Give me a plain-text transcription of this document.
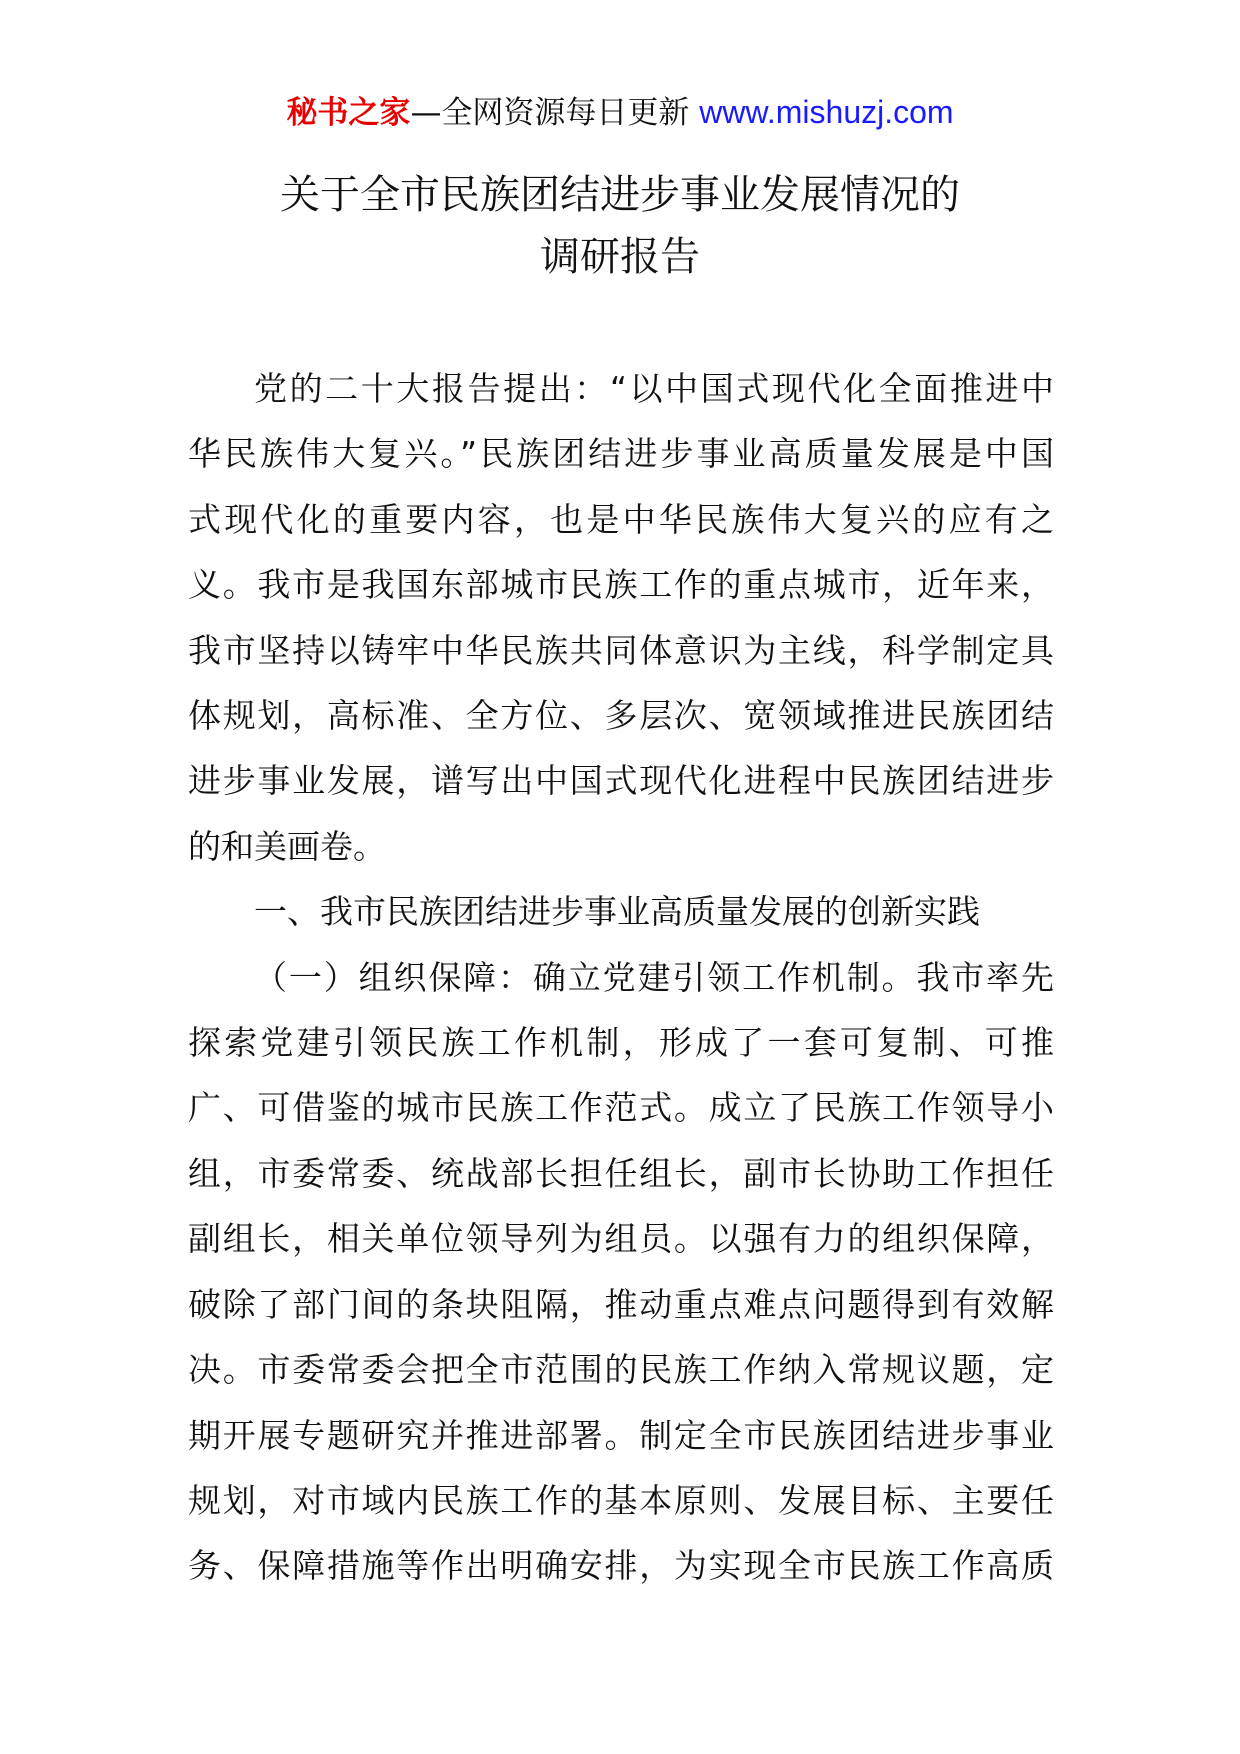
秘书之家—全网资源每日更新 www.mishuzj.com
关于全市民族团结进步事业发展情况的
调研报告
党的二十大报告提出：“以中国式现代化全面推进中
华民族伟大复兴。”民族团结进步事业高质量发展是中国
式现代化的重要内容，也是中华民族伟大复兴的应有之
义。我市是我国东部城市民族工作的重点城市，近年来，
我市坚持以铸牢中华民族共同体意识为主线，科学制定具
体规划，高标准、全方位、多层次、宽领域推进民族团结
进步事业发展，谱写出中国式现代化进程中民族团结进步
的和美画卷。
一、我市民族团结进步事业高质量发展的创新实践
（一）组织保障：确立党建引领工作机制。我市率先
探索党建引领民族工作机制，形成了一套可复制、可推
广、可借鉴的城市民族工作范式。成立了民族工作领导小
组，市委常委、统战部长担任组长，副市长协助工作担任
副组长，相关单位领导列为组员。以强有力的组织保障，
破除了部门间的条块阻隔，推动重点难点问题得到有效解
决。市委常委会把全市范围的民族工作纳入常规议题，定
期开展专题研究并推进部署。制定全市民族团结进步事业
规划，对市域内民族工作的基本原则、发展目标、主要任
务、保障措施等作出明确安排，为实现全市民族工作高质
